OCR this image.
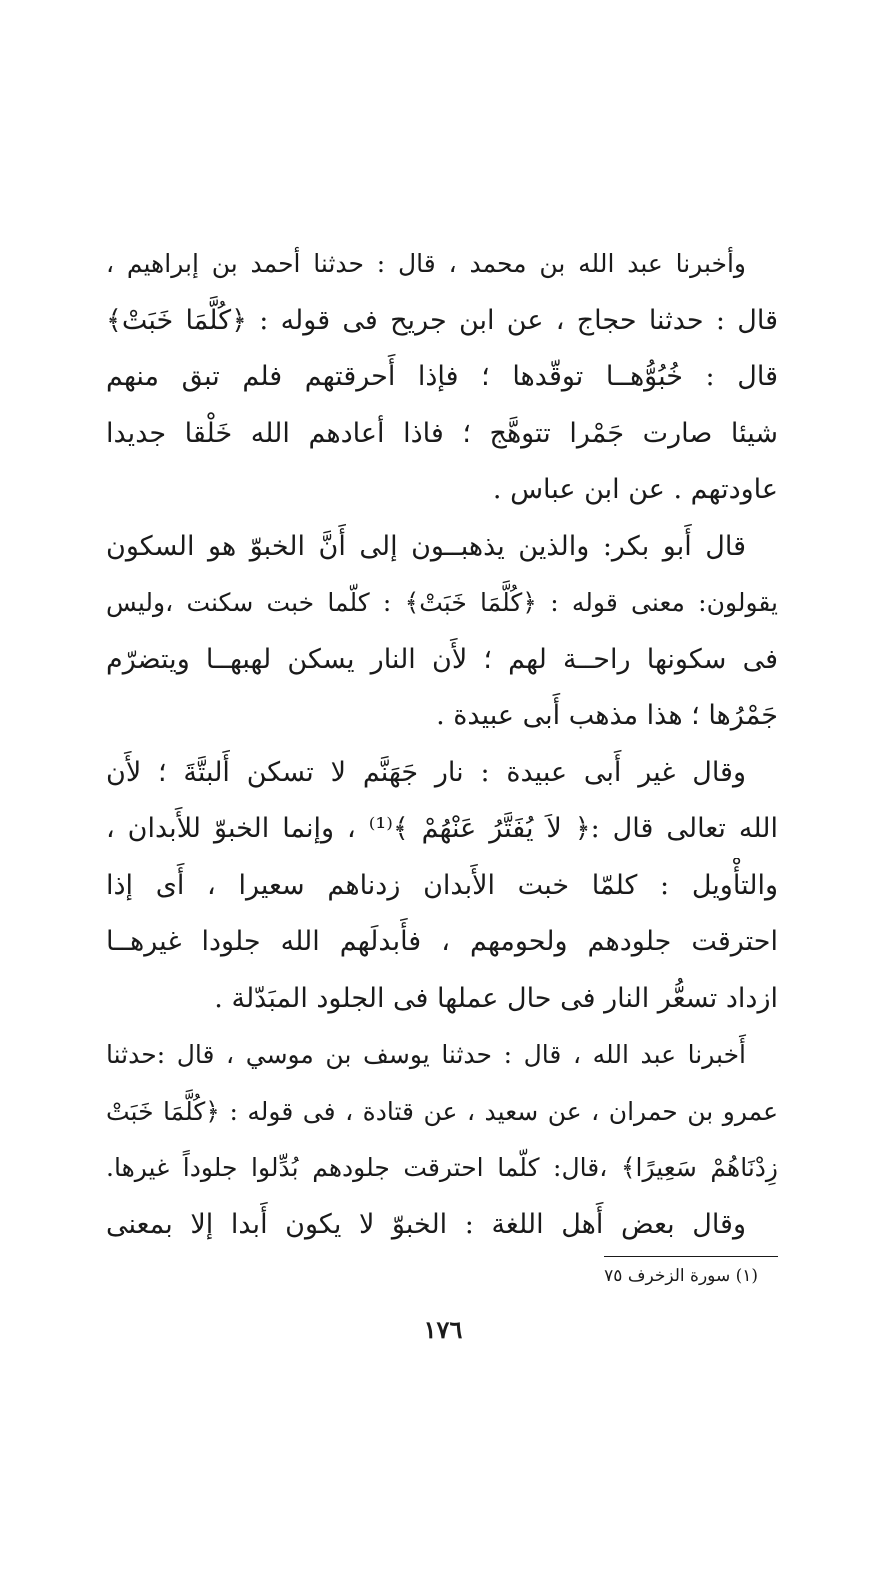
وأخبرنا عبد الله بن محمد ، قال : حدثنا أحمد بن إبراهيم ،
قال : حدثنا حجاج ، عن ابن جريح فى قوله : ﴿كُلَّمَا خَبَتْ﴾
قال : خُبُوُّهــا توقّدها ؛ فإذا أَحرقتهم فلم تبق منهم
شيئا صارت جَمْرا تتوهَّج ؛ فاذا أعادهم الله خَلْقا جديدا
عاودتهم . عن ابن عباس .
قال أَبو بكر: والذين يذهبــون إلى أَنَّ الخبوّ هو السكون
يقولون: معنى قوله : ﴿كُلَّمَا خَبَتْ﴾ : كلّما خبت سكنت ،وليس
فى سكونها راحــة لهم ؛ لأَن النار يسكن لهبهــا ويتضرّم
جَمْرُها ؛ هذا مذهب أَبى عبيدة .
وقال غير أَبى عبيدة : نار جَهَنَّم لا تسكن أَلبتَّةَ ؛ لأَن
الله تعالى قال :﴿ لاَ يُفَتَّرُ عَنْهُمْ ﴾⁽¹⁾ ، وإنما الخبوّ للأَبدان ،
والتأْويل : كلمّا خبت الأَبدان زدناهم سعيرا ، أَى إذا
احترقت جلودهم ولحومهم ، فأَبدلَهم الله جلودا غيرهــا
ازداد تسعُّر النار فى حال عملها فى الجلود المبَدّلة .
أَخبرنا عبد الله ، قال : حدثنا يوسف بن موسي ، قال :حدثنا
عمرو بن حمران ، عن سعيد ، عن قتادة ، فى قوله : ﴿كُلَّمَا خَبَتْ
زِدْنَاهُمْ سَعِيرًا﴾ ،قال: كلّما احترقت جلودهم بُدِّلوا جلوداً غيرها.
وقال بعض أَهل اللغة : الخبوّ لا يكون أَبدا إلا بمعنى
(١) سورة الزخرف ٧٥
١٧٦
